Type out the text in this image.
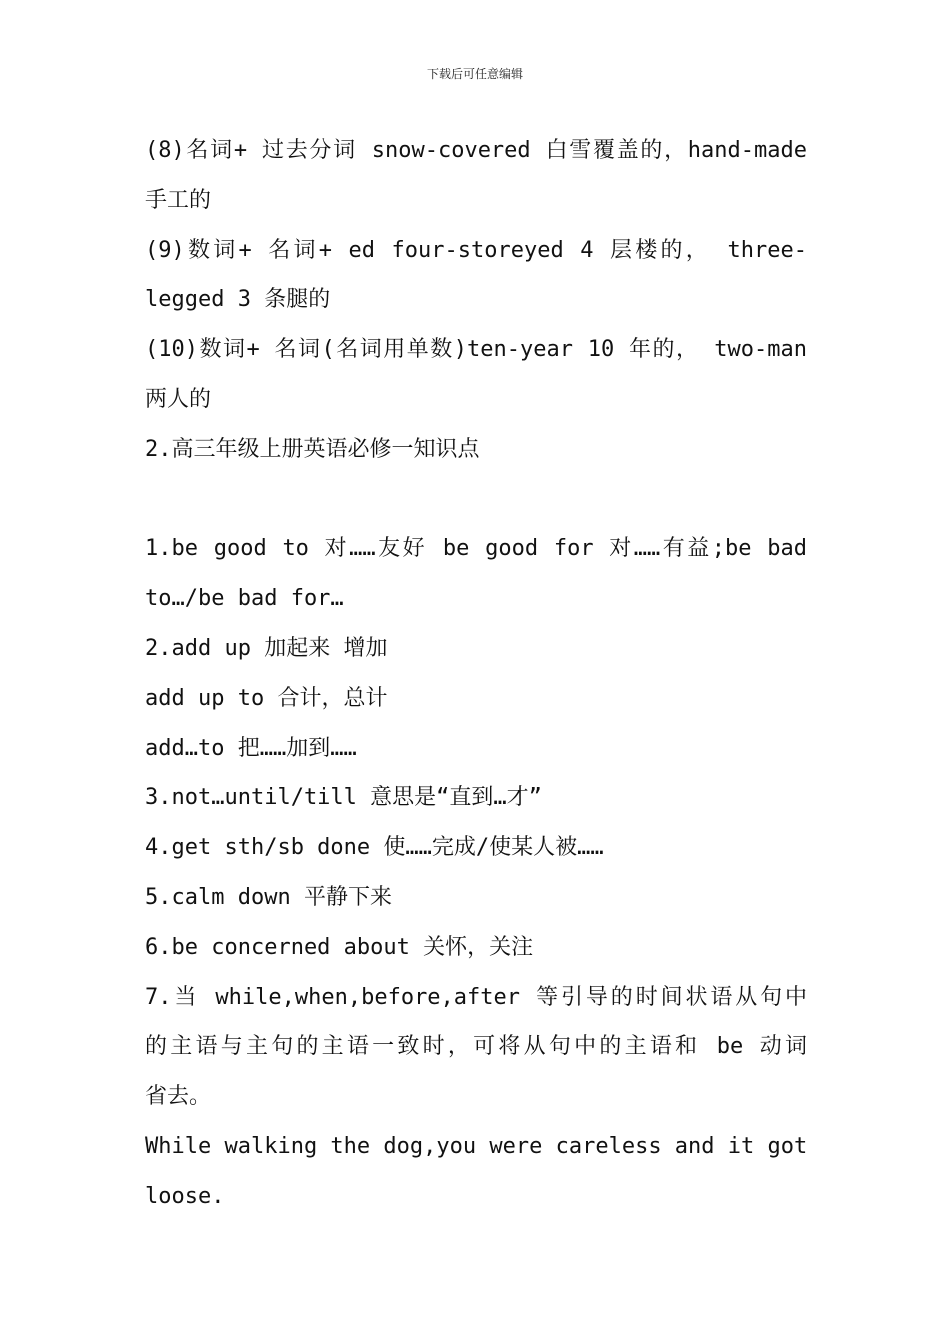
下载后可任意编辑
(8)名词+ 过去分词 snow-covered 白雪覆盖的，hand-made
手工的
(9)数词+ 名词+ ed four-storeyed 4 层楼的， three-
legged 3 条腿的
(10)数词+ 名词(名词用单数)ten-year 10 年的， two-man
两人的
2.高三年级上册英语必修一知识点
1.be good to 对……友好 be good for 对……有益;be bad
to…/be bad for…
2.add up 加起来 增加
add up to 合计，总计
add…to 把……加到……
3.not…until/till 意思是“直到…才”
4.get sth/sb done 使……完成/使某人被……
5.calm down 平静下来
6.be concerned about 关怀，关注
7.当 while,when,before,after 等引导的时间状语从句中
的主语与主句的主语一致时，可将从句中的主语和 be 动词
省去。
While walking the dog,you were careless and it got
loose.
